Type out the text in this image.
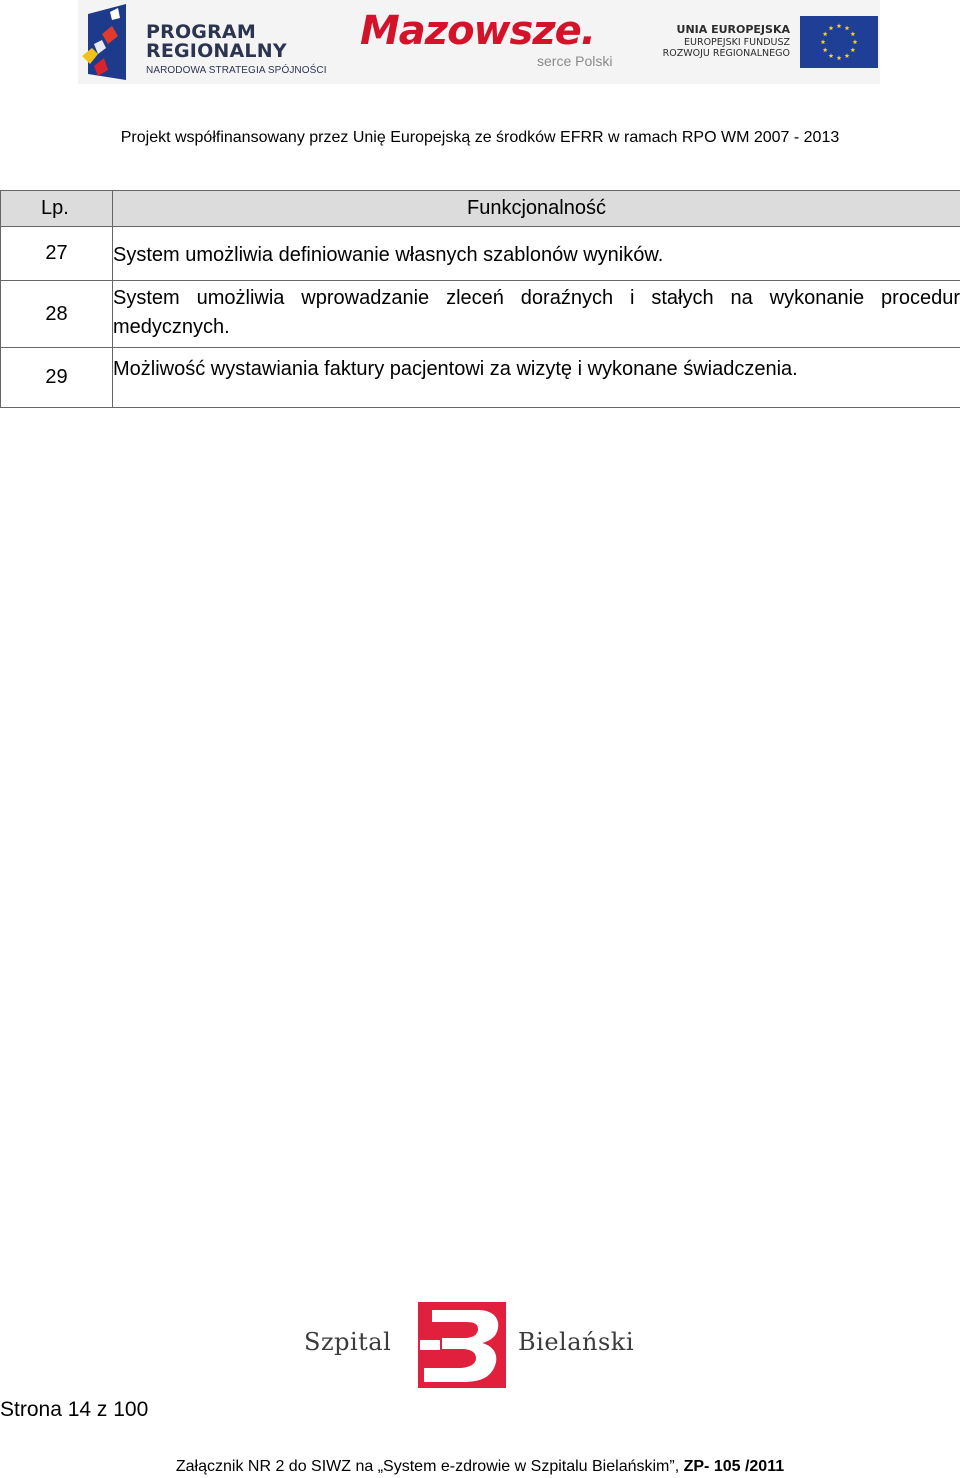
PROGRAM
REGIONALNY
NARODOWA STRATEGIA SPÓJNOŚCI
Mazowsze.
serce Polski
UNIA EUROPEJSKA
EUROPEJSKI FUNDUSZ
ROZWOJU REGIONALNEGO
Projekt współfinansowany przez Unię Europejską ze środków EFRR w ramach RPO WM 2007 - 2013
Lp.	Funkcjonalność
27	System umożliwia definiowanie własnych szablonów wyników.
28	System umożliwia wprowadzanie zleceń doraźnych i stałych na wykonanie procedur medycznych.
29	Możliwość wystawiania faktury pacjentowi za wizytę i wykonane świadczenia.
Szpital	Bielański
Strona 14 z 100
Załącznik NR 2 do SIWZ na „System e-zdrowie w Szpitalu Bielańskim”, ZP- 105 /2011
